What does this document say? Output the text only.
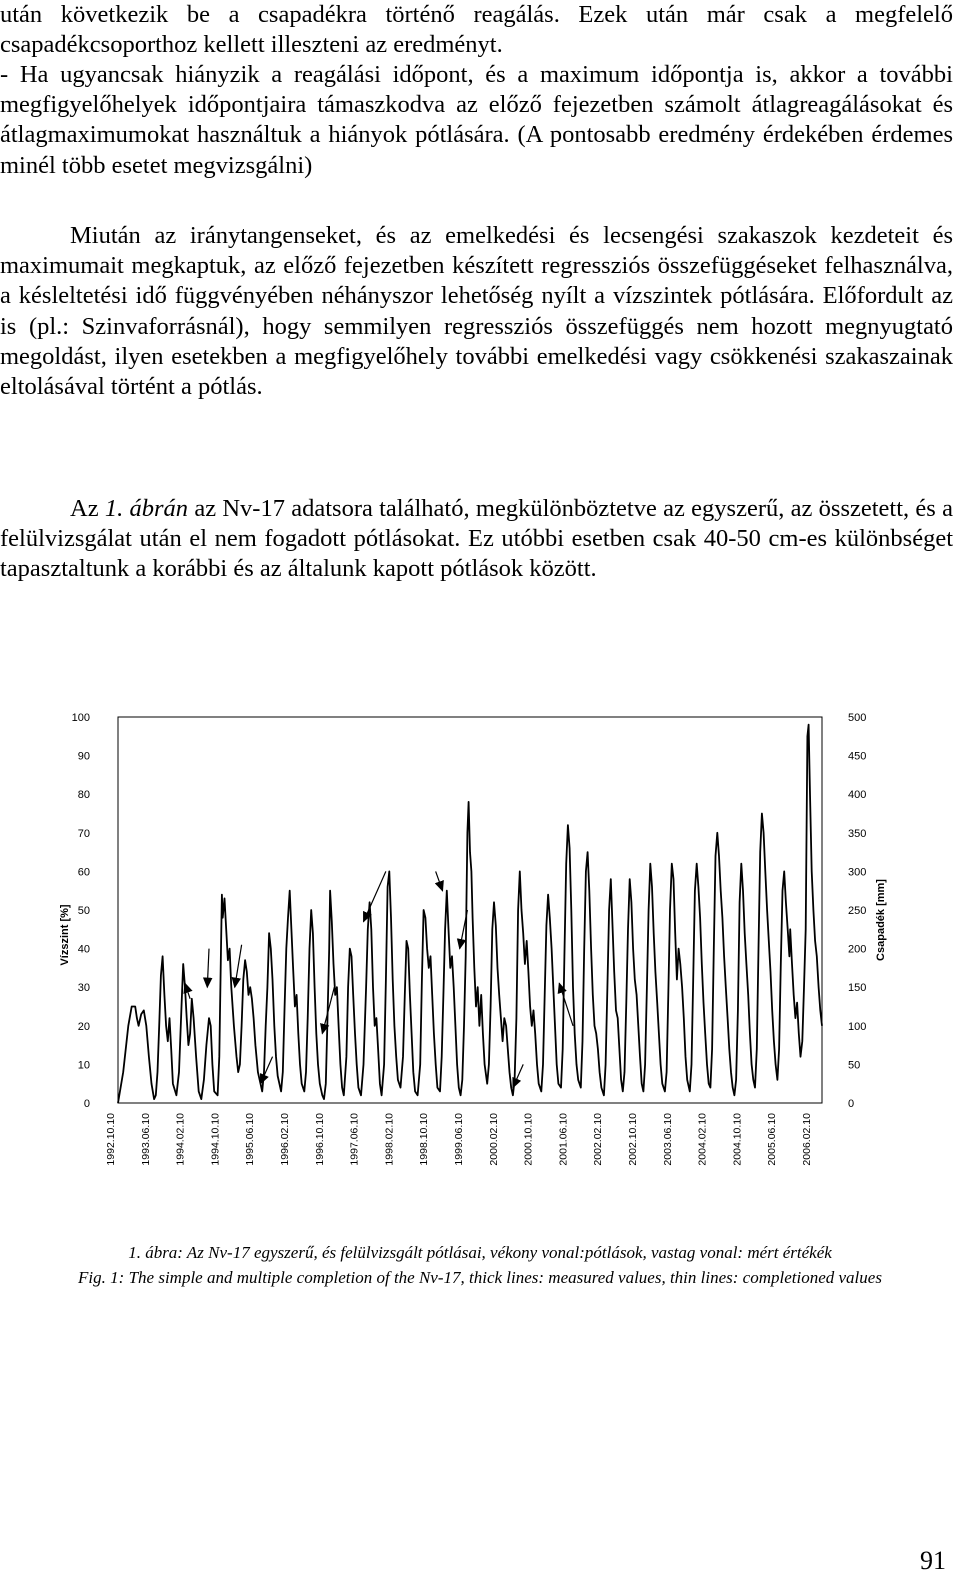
után következik be a csapadékra történő reagálás. Ezek után már csak a megfelelő csapadékcsoporthoz kellett illeszteni az eredményt.

- Ha ugyancsak hiányzik a reagálási időpont, és a maximum időpontja is, akkor a további megfigyelőhelyek időpontjaira támaszkodva az előző fejezetben számolt átlagreagálásokat és átlagmaximumokat használtuk a hiányok pótlására. (A pontosabb eredmény érdekében érdemes minél több esetet megvizsgálni)

Miután az iránytangenseket, és az emelkedési és lecsengési szakaszok kezdeteit és maximumait megkaptuk, az előző fejezetben készített regressziós összefüggéseket felhasználva, a késleltetési idő függvényében néhányszor lehetőség nyílt a vízszintek pótlására. Előfordult az is (pl.: Szinvaforrásnál), hogy semmilyen regressziós összefüggés nem hozott megnyugtató megoldást, ilyen esetekben a megfigyelőhely további emelkedési vagy csökkenési szakaszainak eltolásával történt a pótlás.

Az 1. ábrán az Nv-17 adatsora található, megkülönböztetve az egyszerű, az összetett, és a felülvizsgálat után el nem fogadott pótlásokat. Ez utóbbi esetben csak 40-50 cm-es különbséget tapasztaltunk a korábbi és az általunk kapott pótlások között.

0
10
20
30
40
50
60
70
80
90
100
0
50
100
150
200
250
300
350
400
450
500
Vízszint [%]	Csapadék [mm]
1992.10.10 1993.06.10 1994.02.10 1994.10.10 1995.06.10 1996.02.10 1996.10.10 1997.06.10 1998.02.10 1998.10.10 1999.06.10 2000.02.10 2000.10.10 2001.06.10 2002.02.10 2002.10.10 2003.06.10 2004.02.10 2004.10.10 2005.06.10 2006.02.10
1. ábra: Az Nv-17 egyszerű, és felülvizsgált pótlásai, vékony vonal:pótlások, vastag vonal: mért értékék
Fig. 1: The simple and multiple completion of the Nv-17, thick lines: measured values, thin lines: completioned values
91
